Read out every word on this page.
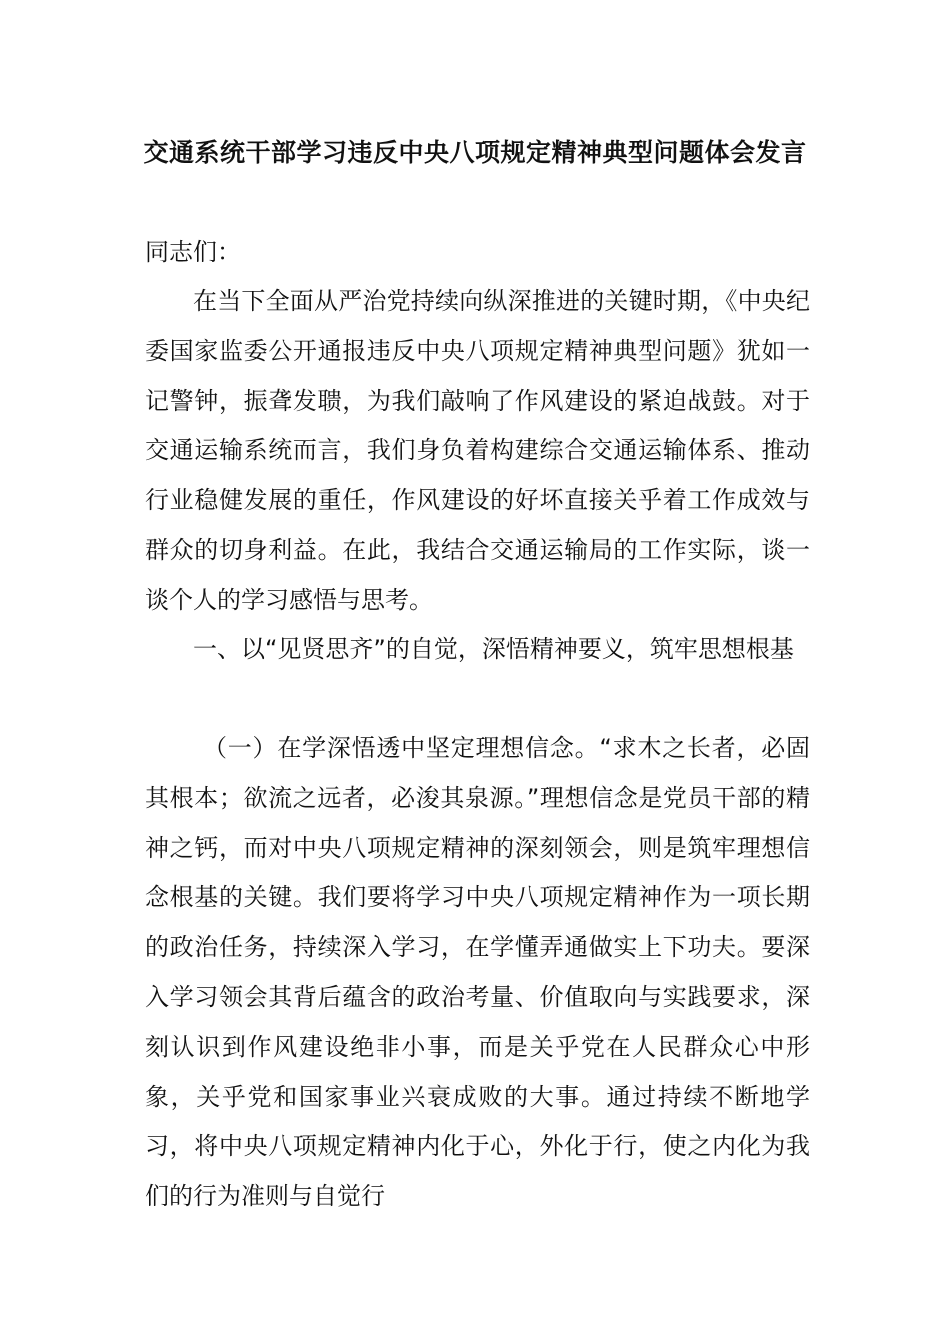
交通系统干部学习违反中央八项规定精神典型问题体会发言

同志们：

在当下全面从严治党持续向纵深推进的关键时期，《中央纪委国家监委公开通报违反中央八项规定精神典型问题》犹如一记警钟，振聋发聩，为我们敲响了作风建设的紧迫战鼓。对于交通运输系统而言，我们身负着构建综合交通运输体系、推动行业稳健发展的重任，作风建设的好坏直接关乎着工作成效与群众的切身利益。在此，我结合交通运输局的工作实际，谈一谈个人的学习感悟与思考。

一、以“见贤思齐”的自觉，深悟精神要义，筑牢思想根基

（一）在学深悟透中坚定理想信念。“求木之长者，必固其根本；欲流之远者，必浚其泉源。”理想信念是党员干部的精神之钙，而对中央八项规定精神的深刻领会，则是筑牢理想信念根基的关键。我们要将学习中央八项规定精神作为一项长期的政治任务，持续深入学习，在学懂弄通做实上下功夫。要深入学习领会其背后蕴含的政治考量、价值取向与实践要求，深刻认识到作风建设绝非小事，而是关乎党在人民群众心中形象，关乎党和国家事业兴衰成败的大事。通过持续不断地学习，将中央八项规定精神内化于心，外化于行，使之内化为我们的行为准则与自觉行
